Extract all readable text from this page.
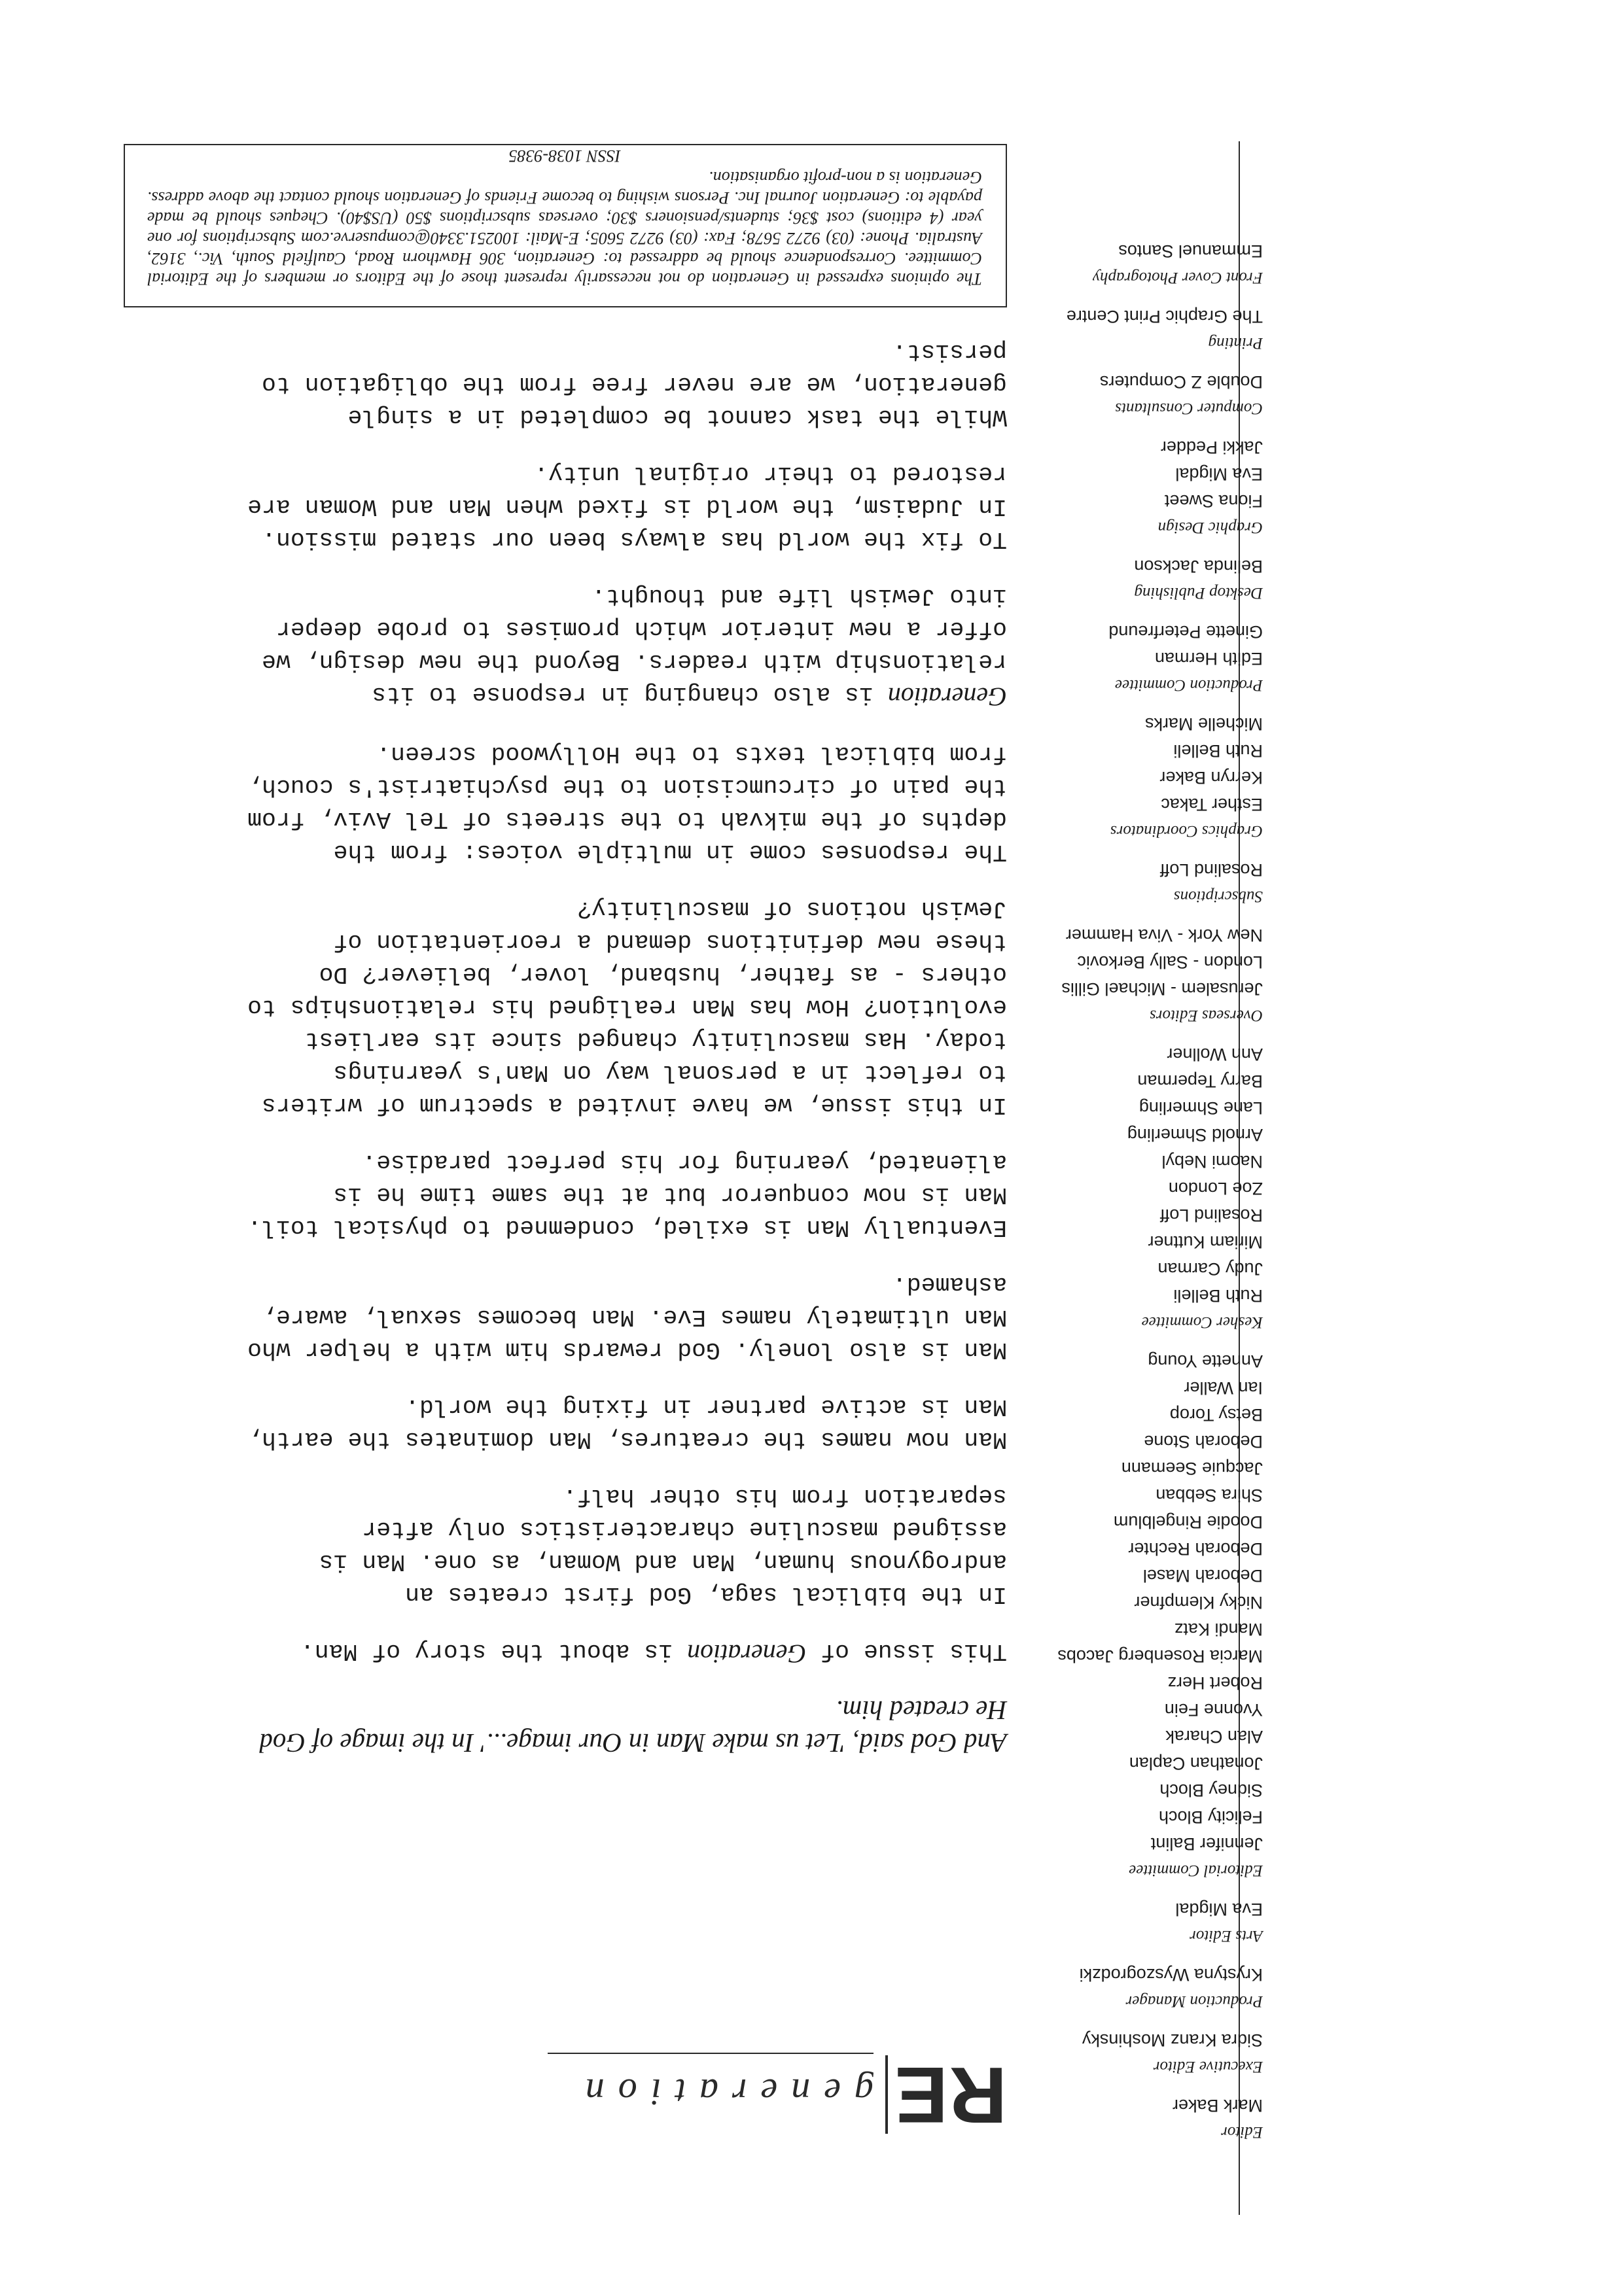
Editor
Mark Baker
Executive Editor
Sidra Kranz Moshinsky
Production Manager
Krystyna Wyszogrodzki
Arts Editor
Eva Migdal
Editorial Committee
Jennifer Balint
Felicity Bloch
Sidney Bloch
Jonathan Caplan
Alan Charak
Yvonne Fein
Robert Herz
Marcia Rosenberg Jacobs
Mandi Katz
Nicky Klempfner
Deborah Masel
Deborah Rechter
Doodie Ringelblum
Shira Sebban
Jacquie Seemann
Deborah Stone
Betsy Torop
Ian Waller
Annette Young
Kesher Committee
Ruth Belleli
Judy Carman
Miriam Kuttner
Rosalind Loff
Zoe London
Naomi Nebyl
Arnold Shmerling
Lane Shmerling
Barry Teperman
Ann Wollner
Overseas Editors
Jerusalem - Michael Gillis
London - Sally Berkovic
New York - Viva Hammer
Subscriptions
Rosalind Loff
Graphics Coordinators
Esther Takac
Kerryn Baker
Ruth Belleli
Michelle Marks
Production Committee
Edith Herman
Ginette Peterfreund
Desktop Publishing
Belinda Jackson
Graphic Design
Fiona Sweet
Eva Migdal
Jakki Pedder
Computer Consultants
Double Z Computers
Printing
The Graphic Print Centre
Front Cover Photography
Emmanuel Santos
RE
generation

And God said, 'Let us make Man in Our image...' In the image of God He created him.

This issue of Generation is about the story of Man.

In the biblical saga, God first creates an androgynous human, Man and Woman, as one. Man is assigned masculine characteristics only after separation from his other half.

Man now names the creatures, Man dominates the earth, Man is active partner in fixing the world.

Man is also lonely. God rewards him with a helper who Man ultimately names Eve. Man becomes sexual, aware, ashamed.

Eventually Man is exiled, condemned to physical toil. Man is now conqueror but at the same time he is alienated, yearning for his perfect paradise.

In this issue, we have invited a spectrum of writers to reflect in a personal way on Man's yearnings today. Has masculinity changed since its earliest evolution? How has Man realigned his relationships to others - as father, husband, lover, believer? Do these new definitions demand a reorientation of Jewish notions of masculinity?

The responses come in multiple voices: from the depths of the mikvah to the streets of Tel Aviv, from the pain of circumcision to the psychiatrist's couch, from biblical texts to the Hollywood screen.

Generation is also changing in response to its relationship with readers. Beyond the new design, we offer a new interior which promises to probe deeper into Jewish life and thought.

To fix the world has always been our stated mission. In Judaism, the world is fixed when Man and Woman are restored to their original unity.

While the task cannot be completed in a single generation, we are never free from the obligation to persist.

The opinions expressed in Generation do not necessarily represent those of the Editors or members of the Editorial Committee. Correspondence should be addressed to: Generation, 306 Hawthorn Road, Caulfield South, Vic., 3162, Australia. Phone: (03) 9272 5678; Fax: (03) 9272 5605; E-Mail: 100251.3340@compuserve.com Subscriptions for one year (4 editions) cost $36; students/pensioners $30; overseas subscriptions $50 (US$40). Cheques should be made payable to: Generation Journal Inc. Persons wishing to become Friends of Generation should contact the above address. Generation is a non-profit organisation.

ISSN 1038-9385
